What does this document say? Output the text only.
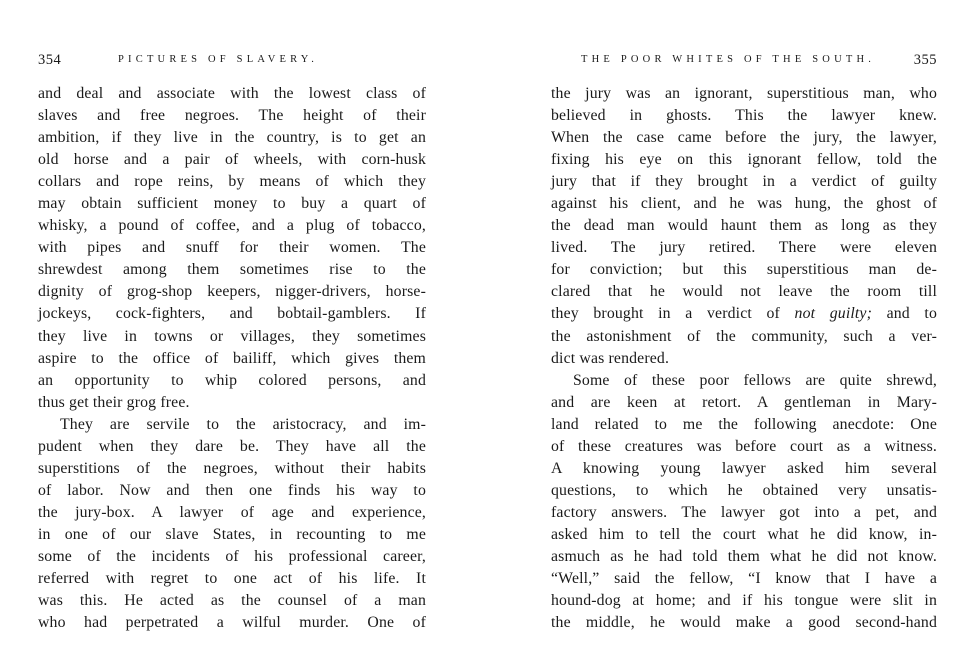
354	PICTURES OF SLAVERY.
and deal and associate with the lowest class of
slaves and free negroes. The height of their
ambition, if they live in the country, is to get an
old horse and a pair of wheels, with corn-husk
collars and rope reins, by means of which they
may obtain sufficient money to buy a quart of
whisky, a pound of coffee, and a plug of tobacco,
with pipes and snuff for their women. The
shrewdest among them sometimes rise to the
dignity of grog-shop keepers, nigger-drivers, horse-
jockeys, cock-fighters, and bobtail-gamblers. If
they live in towns or villages, they sometimes
aspire to the office of bailiff, which gives them
an opportunity to whip colored persons, and
thus get their grog free.
They are servile to the aristocracy, and im-
pudent when they dare be. They have all the
superstitions of the negroes, without their habits
of labor. Now and then one finds his way to
the jury-box. A lawyer of age and experience,
in one of our slave States, in recounting to me
some of the incidents of his professional career,
referred with regret to one act of his life. It
was this. He acted as the counsel of a man
who had perpetrated a wilful murder. One of
THE POOR WHITES OF THE SOUTH.	355
the jury was an ignorant, superstitious man, who
believed in ghosts. This the lawyer knew.
When the case came before the jury, the lawyer,
fixing his eye on this ignorant fellow, told the
jury that if they brought in a verdict of guilty
against his client, and he was hung, the ghost of
the dead man would haunt them as long as they
lived. The jury retired. There were eleven
for conviction; but this superstitious man de-
clared that he would not leave the room till
they brought in a verdict of not guilty; and to
the astonishment of the community, such a ver-
dict was rendered.
Some of these poor fellows are quite shrewd,
and are keen at retort. A gentleman in Mary-
land related to me the following anecdote: One
of these creatures was before court as a witness.
A knowing young lawyer asked him several
questions, to which he obtained very unsatis-
factory answers. The lawyer got into a pet, and
asked him to tell the court what he did know, in-
asmuch as he had told them what he did not know.
“Well,” said the fellow, “I know that I have a
hound-dog at home; and if his tongue were slit in
the middle, he would make a good second-hand
